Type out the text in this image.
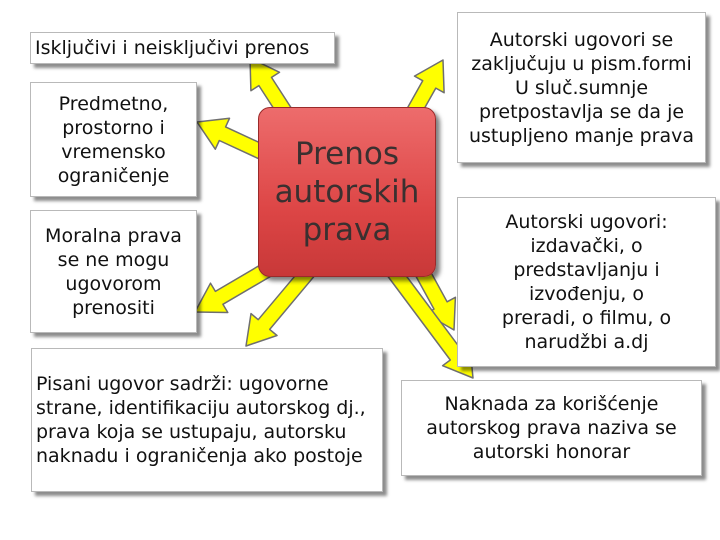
Isključivi i neisključivi prenos
Predmetno,
prostorno i
vremensko
ograničenje
Moralna prava
se ne mogu
ugovorom
prenositi
Pisani ugovor sadrži: ugovorne
strane, identifikaciju autorskog dj.,
prava koja se ustupaju, autorsku
naknadu i ograničenja ako postoje
Autorski ugovori se
zaključuju u pism.formi
U sluč.sumnje
pretpostavlja se da je
ustupljeno manje prava
Autorski ugovori:
izdavački, o
predstavljanju i
izvođenju, o
preradi, o filmu, o
narudžbi a.dj
Naknada za korišćenje
autorskog prava naziva se
autorski honorar
Prenos
autorskih
prava
